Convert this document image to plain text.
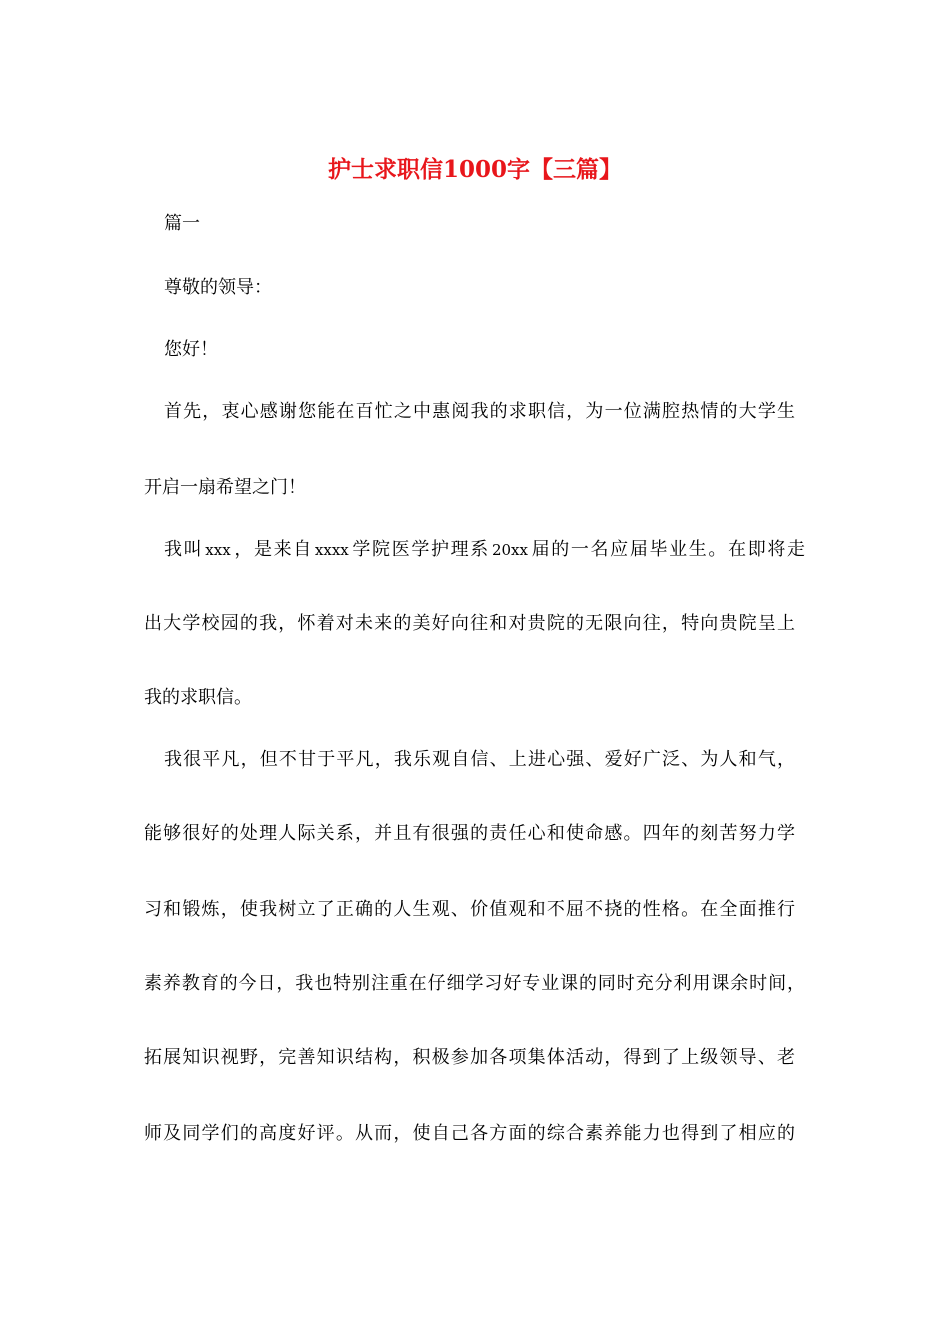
护士求职信1000字【三篇】
篇一
尊敬的领导：
您好！
首先，衷心感谢您能在百忙之中惠阅我的求职信，为一位满腔热情的大学生
开启一扇希望之门！
我叫 xxx ，是来自 xxxx 学院医学护理系 20xx 届的一名应届毕业生。在即将走
出大学校园的我，怀着对未来的美好向往和对贵院的无限向往，特向贵院呈上
我的求职信。
我很平凡，但不甘于平凡，我乐观自信、上进心强、爱好广泛、为人和气，
能够很好的处理人际关系，并且有很强的责任心和使命感。四年的刻苦努力学
习和锻炼，使我树立了正确的人生观、价值观和不屈不挠的性格。在全面推行
素养教育的今日，我也特别注重在仔细学习好专业课的同时充分利用课余时间，
拓展知识视野，完善知识结构，积极参加各项集体活动，得到了上级领导、老
师及同学们的高度好评。从而，使自己各方面的综合素养能力也得到了相应的
